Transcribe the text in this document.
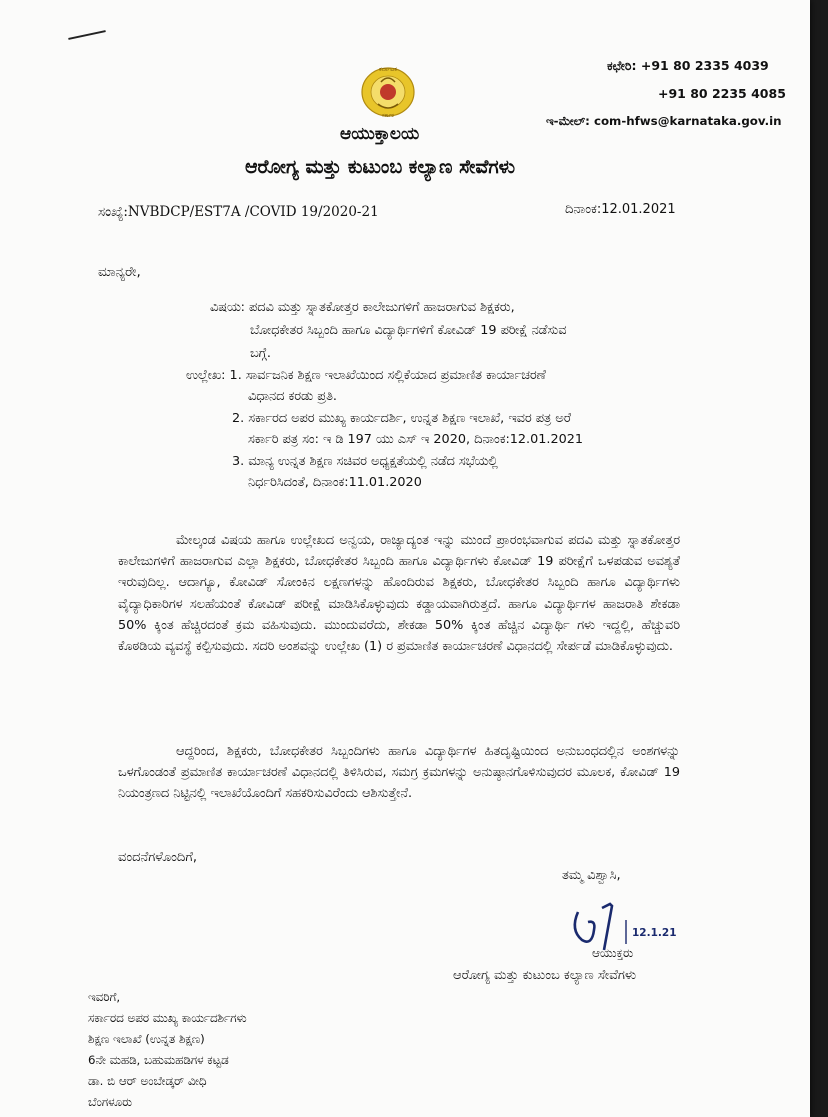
ಕರ್ನಾಟಕ
ಸರ್ಕಾರ
ಕಛೇರಿ: +91 80 2335 4039
+91 80 2235 4085
ಇ-ಮೇಲ್: com-hfws@karnataka.gov.in
ಆಯುಕ್ತಾಲಯ
ಆರೋಗ್ಯ ಮತ್ತು ಕುಟುಂಬ ಕಲ್ಯಾಣ ಸೇವೆಗಳು
ಸಂಖ್ಯೆ:NVBDCP/EST7A /COVID 19/2020-21	ದಿನಾಂಕ:12.01.2021
ಮಾನ್ಯರೇ,
ವಿಷಯ: ಪದವಿ ಮತ್ತು ಸ್ನಾತಕೋತ್ತರ ಕಾಲೇಜುಗಳಿಗೆ ಹಾಜರಾಗುವ ಶಿಕ್ಷಕರು,
ಬೋಧಕೇತರ ಸಿಬ್ಬಂದಿ ಹಾಗೂ ವಿದ್ಯಾರ್ಥಿಗಳಿಗೆ ಕೋವಿಡ್ 19 ಪರೀಕ್ಷೆ ನಡೆಸುವ
ಬಗ್ಗೆ.
ಉಲ್ಲೇಖ: 1. ಸಾರ್ವಜನಿಕ ಶಿಕ್ಷಣ ಇಲಾಖೆಯಿಂದ ಸಲ್ಲಿಕೆಯಾದ ಪ್ರಮಾಣಿತ ಕಾರ್ಯಾಚರಣೆ
ವಿಧಾನದ ಕರಡು ಪ್ರತಿ.
2. ಸರ್ಕಾರದ ಅಪರ ಮುಖ್ಯ ಕಾರ್ಯದರ್ಶಿ, ಉನ್ನತ ಶಿಕ್ಷಣ ಇಲಾಖೆ, ಇವರ ಪತ್ರ ಅರೆ
ಸರ್ಕಾರಿ ಪತ್ರ ಸಂ: ಇ ಡಿ 197 ಯು ಎಸ್ ಇ 2020, ದಿನಾಂಕ:12.01.2021
3. ಮಾನ್ಯ ಉನ್ನತ ಶಿಕ್ಷಣ ಸಚಿವರ ಅಧ್ಯಕ್ಷತೆಯಲ್ಲಿ ನಡೆದ ಸಭೆಯಲ್ಲಿ
ನಿರ್ಧರಿಸಿದಂತೆ, ದಿನಾಂಕ:11.01.2020
ಮೇಲ್ಕಂಡ ವಿಷಯ ಹಾಗೂ ಉಲ್ಲೇಖದ ಅನ್ವಯ, ರಾಜ್ಯಾದ್ಯಂತ ಇನ್ನು ಮುಂದೆ ಪ್ರಾರಂಭವಾಗುವ ಪದವಿ ಮತ್ತು ಸ್ನಾತಕೋತ್ತರ ಕಾಲೇಜುಗಳಿಗೆ ಹಾಜರಾಗುವ ಎಲ್ಲಾ ಶಿಕ್ಷಕರು, ಬೋಧಕೇತರ ಸಿಬ್ಬಂದಿ ಹಾಗೂ ವಿದ್ಯಾರ್ಥಿಗಳು ಕೋವಿಡ್ 19 ಪರೀಕ್ಷೆಗೆ ಒಳಪಡುವ ಅವಶ್ಯತೆ ಇರುವುದಿಲ್ಲ. ಆದಾಗ್ಯೂ, ಕೋವಿಡ್ ಸೋಂಕಿನ ಲಕ್ಷಣಗಳನ್ನು ಹೊಂದಿರುವ ಶಿಕ್ಷಕರು, ಬೋಧಕೇತರ ಸಿಬ್ಬಂದಿ ಹಾಗೂ ವಿದ್ಯಾರ್ಥಿಗಳು ವೈದ್ಯಾಧಿಕಾರಿಗಳ ಸಲಹೆಯಂತೆ ಕೋವಿಡ್ ಪರೀಕ್ಷೆ ಮಾಡಿಸಿಕೊಳ್ಳುವುದು ಕಡ್ಡಾಯವಾಗಿರುತ್ತದೆ. ಹಾಗೂ ವಿದ್ಯಾರ್ಥಿಗಳ ಹಾಜರಾತಿ ಶೇಕಡಾ 50% ಕ್ಕಿಂತ ಹೆಚ್ಚಿರದಂತೆ ಕ್ರಮ ವಹಿಸುವುದು. ಮುಂದುವರೆದು, ಶೇಕಡಾ 50% ಕ್ಕಿಂತ ಹೆಚ್ಚಿನ ವಿದ್ಯಾರ್ಥಿ ಗಳು ಇದ್ದಲ್ಲಿ, ಹೆಚ್ಚುವರಿ ಕೊಠಡಿಯ ವ್ಯವಸ್ಥೆ ಕಲ್ಪಿಸುವುದು. ಸದರಿ ಅಂಶವನ್ನು ಉಲ್ಲೇಖ (1) ರ ಪ್ರಮಾಣಿತ ಕಾರ್ಯಾಚರಣೆ ವಿಧಾನದಲ್ಲಿ ಸೇರ್ಪಡೆ ಮಾಡಿಕೊಳ್ಳುವುದು.
ಆದ್ದರಿಂದ, ಶಿಕ್ಷಕರು, ಬೋಧಕೇತರ ಸಿಬ್ಬಂದಿಗಳು ಹಾಗೂ ವಿದ್ಯಾರ್ಥಿಗಳ ಹಿತದೃಷ್ಟಿಯಿಂದ ಅನುಬಂಧದಲ್ಲಿನ ಅಂಶಗಳನ್ನು ಒಳಗೊಂಡಂತೆ ಪ್ರಮಾಣಿತ ಕಾರ್ಯಾಚರಣೆ ವಿಧಾನದಲ್ಲಿ ತಿಳಿಸಿರುವ, ಸಮಗ್ರ ಕ್ರಮಗಳನ್ನು ಅನುಷ್ಠಾನಗೊಳಿಸುವುದರ ಮೂಲಕ, ಕೋವಿಡ್ 19 ನಿಯಂತ್ರಣದ ನಿಟ್ಟಿನಲ್ಲಿ ಇಲಾಖೆಯೊಂದಿಗೆ ಸಹಕರಿಸುವಿರೆಂದು ಆಶಿಸುತ್ತೇನೆ.
ವಂದನೆಗಳೊಂದಿಗೆ,
ತಮ್ಮ ವಿಶ್ವಾಸಿ,
12.1.21
ಆಯುಕ್ತರು
ಆರೋಗ್ಯ ಮತ್ತು ಕುಟುಂಬ ಕಲ್ಯಾಣ ಸೇವೆಗಳು
ಇವರಿಗೆ,
ಸರ್ಕಾರದ ಅಪರ ಮುಖ್ಯ ಕಾರ್ಯದರ್ಶಿಗಳು
ಶಿಕ್ಷಣ ಇಲಾಖೆ (ಉನ್ನತ ಶಿಕ್ಷಣ)
6ನೇ ಮಹಡಿ, ಬಹುಮಹಡಿಗಳ ಕಟ್ಟಡ
ಡಾ. ಬಿ ಆರ್ ಅಂಬೇಡ್ಕರ್ ವೀಧಿ
ಬೆಂಗಳೂರು
